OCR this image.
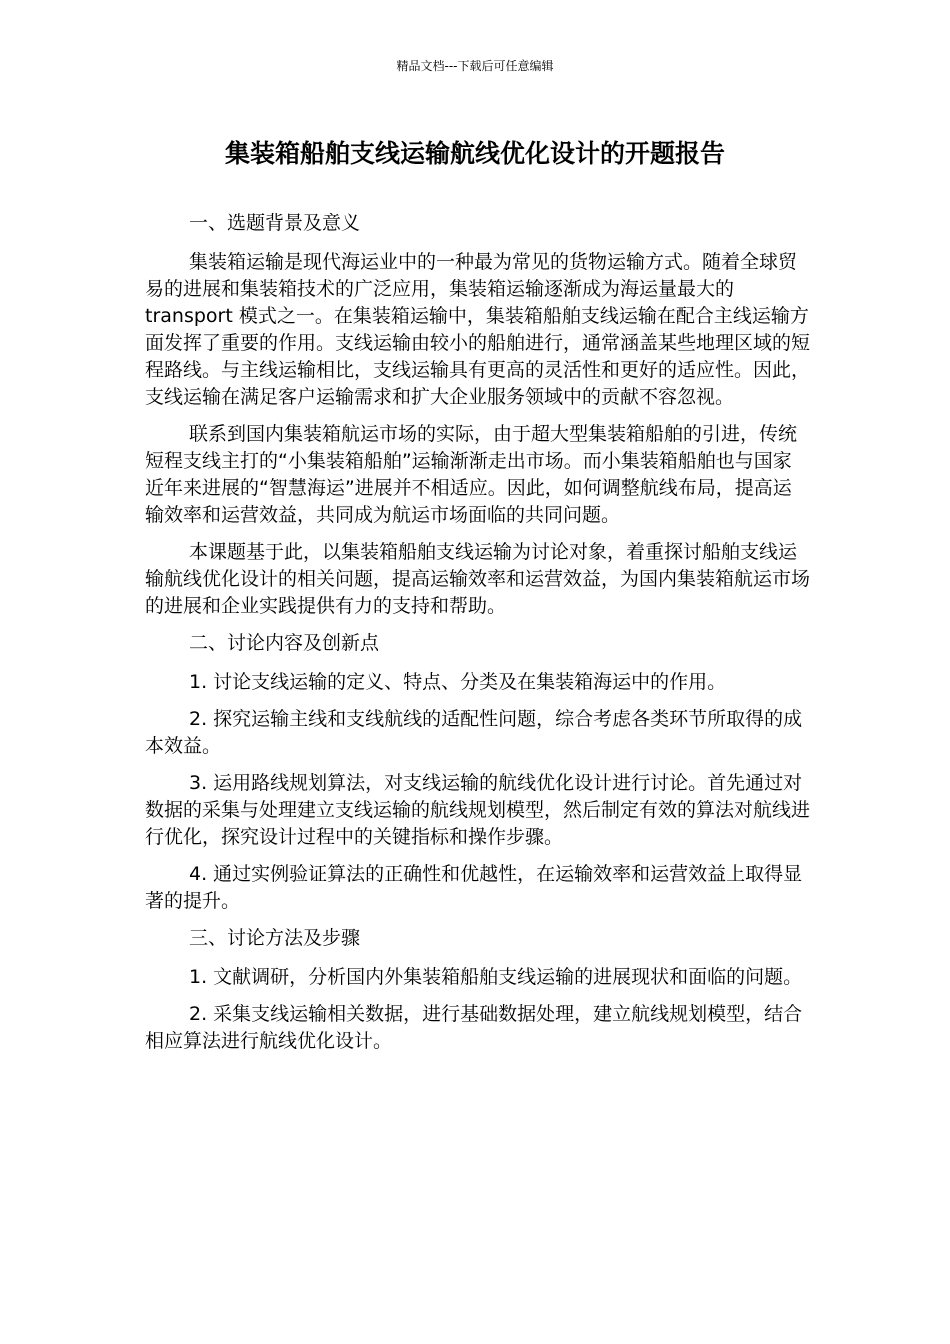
精品文档---下载后可任意编辑
集装箱船舶支线运输航线优化设计的开题报告

一、选题背景及意义

集装箱运输是现代海运业中的一种最为常见的货物运输方式。随着全球贸易的进展和集装箱技术的广泛应用，集装箱运输逐渐成为海运量最大的 transport 模式之一。在集装箱运输中，集装箱船舶支线运输在配合主线运输方面发挥了重要的作用。支线运输由较小的船舶进行，通常涵盖某些地理区域的短程路线。与主线运输相比，支线运输具有更高的灵活性和更好的适应性。因此，支线运输在满足客户运输需求和扩大企业服务领域中的贡献不容忽视。

联系到国内集装箱航运市场的实际，由于超大型集装箱船舶的引进，传统短程支线主打的“小集装箱船舶”运输渐渐走出市场。而小集装箱船舶也与国家近年来进展的“智慧海运”进展并不相适应。因此，如何调整航线布局，提高运输效率和运营效益，共同成为航运市场面临的共同问题。

本课题基于此，以集装箱船舶支线运输为讨论对象，着重探讨船舶支线运输航线优化设计的相关问题，提高运输效率和运营效益，为国内集装箱航运市场的进展和企业实践提供有力的支持和帮助。

二、讨论内容及创新点

1. 讨论支线运输的定义、特点、分类及在集装箱海运中的作用。

2. 探究运输主线和支线航线的适配性问题，综合考虑各类环节所取得的成本效益。

3. 运用路线规划算法，对支线运输的航线优化设计进行讨论。首先通过对数据的采集与处理建立支线运输的航线规划模型，然后制定有效的算法对航线进行优化，探究设计过程中的关键指标和操作步骤。

4. 通过实例验证算法的正确性和优越性，在运输效率和运营效益上取得显著的提升。

三、讨论方法及步骤

1. 文献调研，分析国内外集装箱船舶支线运输的进展现状和面临的问题。

2. 采集支线运输相关数据，进行基础数据处理，建立航线规划模型，结合相应算法进行航线优化设计。
